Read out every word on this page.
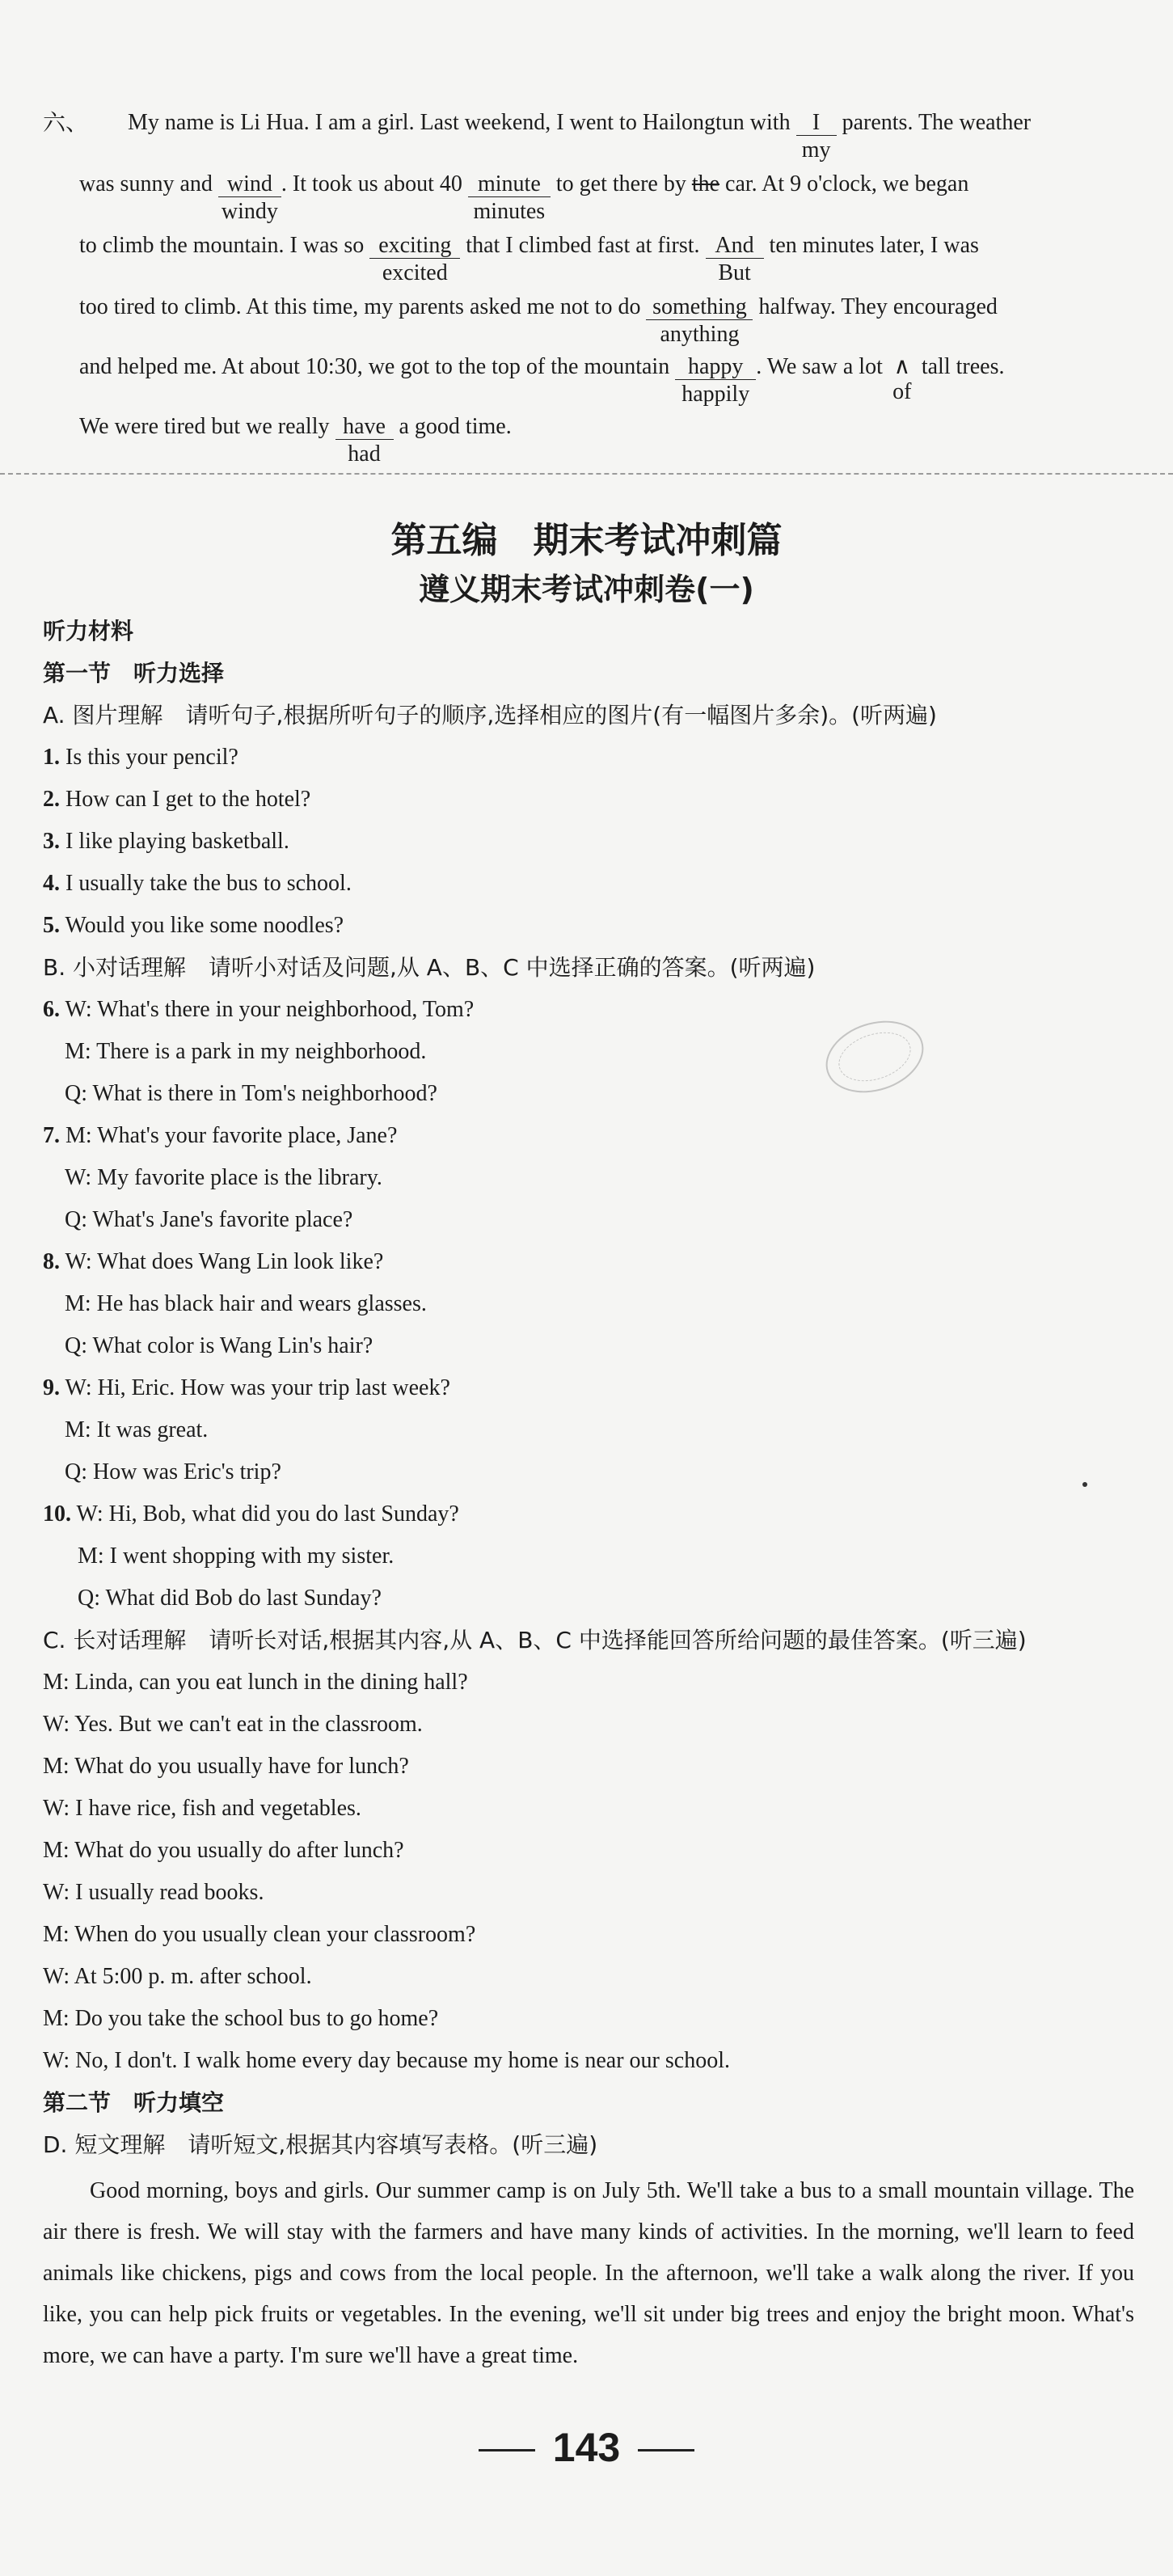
六、 My name is Li Hua. I am a girl. Last weekend, I went to Hailongtun with I
my
parents. The weather
was sunny and wind
windy
. It took us about 40 minute
minutes
to get there by the car. At 9 o'clock, we began
to climb the mountain. I was so exciting
excited
that I climbed fast at first. And
But
ten minutes later, I was
too tired to climb. At this time, my parents asked me not to do something
anything
halfway. They encouraged
and helped me. At about 10:30, we got to the top of the mountain happy
happily
. We saw a lot ∧
of
tall trees.
We were tired but we really have
had
a good time.
第五编　期末考试冲刺篇
遵义期末考试冲刺卷(一)
听力材料
第一节　听力选择
A. 图片理解　请听句子,根据所听句子的顺序,选择相应的图片(有一幅图片多余)。(听两遍)
1. Is this your pencil?
2. How can I get to the hotel?
3. I like playing basketball.
4. I usually take the bus to school.
5. Would you like some noodles?
B. 小对话理解　请听小对话及问题,从 A、B、C 中选择正确的答案。(听两遍)
6. W: What's there in your neighborhood, Tom?
M: There is a park in my neighborhood.
Q: What is there in Tom's neighborhood?
7. M: What's your favorite place, Jane?
W: My favorite place is the library.
Q: What's Jane's favorite place?
8. W: What does Wang Lin look like?
M: He has black hair and wears glasses.
Q: What color is Wang Lin's hair?
9. W: Hi, Eric. How was your trip last week?
M: It was great.
Q: How was Eric's trip?
10. W: Hi, Bob, what did you do last Sunday?
M: I went shopping with my sister.
Q: What did Bob do last Sunday?
C. 长对话理解　请听长对话,根据其内容,从 A、B、C 中选择能回答所给问题的最佳答案。(听三遍)
M: Linda, can you eat lunch in the dining hall?
W: Yes. But we can't eat in the classroom.
M: What do you usually have for lunch?
W: I have rice, fish and vegetables.
M: What do you usually do after lunch?
W: I usually read books.
M: When do you usually clean your classroom?
W: At 5:00 p. m. after school.
M: Do you take the school bus to go home?
W: No, I don't. I walk home every day because my home is near our school.
第二节　听力填空
D. 短文理解　请听短文,根据其内容填写表格。(听三遍)
Good morning, boys and girls. Our summer camp is on July 5th. We'll take a bus to a small mountain village. The air there is fresh. We will stay with the farmers and have many kinds of activities. In the morning, we'll learn to feed animals like chickens, pigs and cows from the local people. In the afternoon, we'll take a walk along the river. If you like, you can help pick fruits or vegetables. In the evening, we'll sit under big trees and enjoy the bright moon. What's more, we can have a party. I'm sure we'll have a great time.
143
